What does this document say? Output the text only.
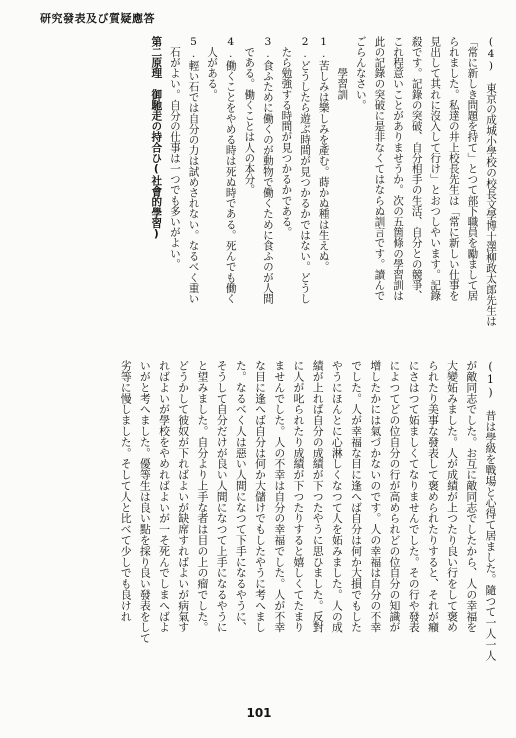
研究發表及び質疑應答
(4)　東京の成城小學校の校長文學博士澤柳政太郎先生は
「常に新しき問題を持て」とつて部下職員を勵まして居
られました。私達の井上校長先生は「常に新しい仕事を
見出して其れに沒入して行け」とおつしやいます。記錄
殺です。記錄の突破、自分相手の生活、自分との競爭、
これ程意いことがありませうか。次の五箇條の學習訓は
此の記錄の突破に是非なくてはならぬ訓言です。讀んで
ごらんなさい。
　　　學習訓
1.苦しみは樂しみを產む。蒔かぬ種は生えぬ。
2.どうしたら遊ぶ時間が見つかるかではない。どうし
　たら勉強する時間が見つかるかである。
3.食ふために働くのが動物で働くために食ふのが人間
　である。働くことは人の本分。
4.働くことをやめる時は死ぬ時である。死んでも働く
　人がある。
5.輕い石では自分の力は試めされない。なるべく重い
　石がよい。自分の仕事は一つでも多いがよい。
第二原理　御馳走の持合ひ(社會的學習)
(1)　昔は學級を戰場と心得て居ました。隨つて一人一人
が敵同志でした。お互に敵同志でしたから、人の幸福を
大變妬みました。人が成績が上つたり良い行をして褒め
られたり美事な發表して褒められたりすると、それが癪
にさはつて妬ましくてなりませんでした。その行や發表
によつてどの位自分の行が高められどの位自分の知識が
增したかには氣づかないのです。人の幸福は自分の不幸
でした。人が幸福な目に逢へば自分は何か大損でもした
やうにほんとに心淋しくなつて人を妬みました。人の成
績が上れば自分の成績が下つたやうに思ひました。反對
に人が叱られたり成績が下つたりすると嬉しくてたまり
ませんでした。人の不幸は自分の幸福でした。人が不幸
な目に逢へば自分は何か大儲けでもしたやうに考へまし
た。なるべく人は惡い人間になつて下手になるやうに、
そうして自分だけが良い人間になつて上手になるやうに
と望みました。自分より上手な者は目の上の瘤でした。
どうかして彼奴が下ればよいが缺席すればよいが病氣す
ればよいが學校をやめればよいが一そ死んでしまへばよ
いがと考へました。優等生は良い點を採り良い發表をして
劣等に慢しました。そして人と比べて少しでも良けれ
101
